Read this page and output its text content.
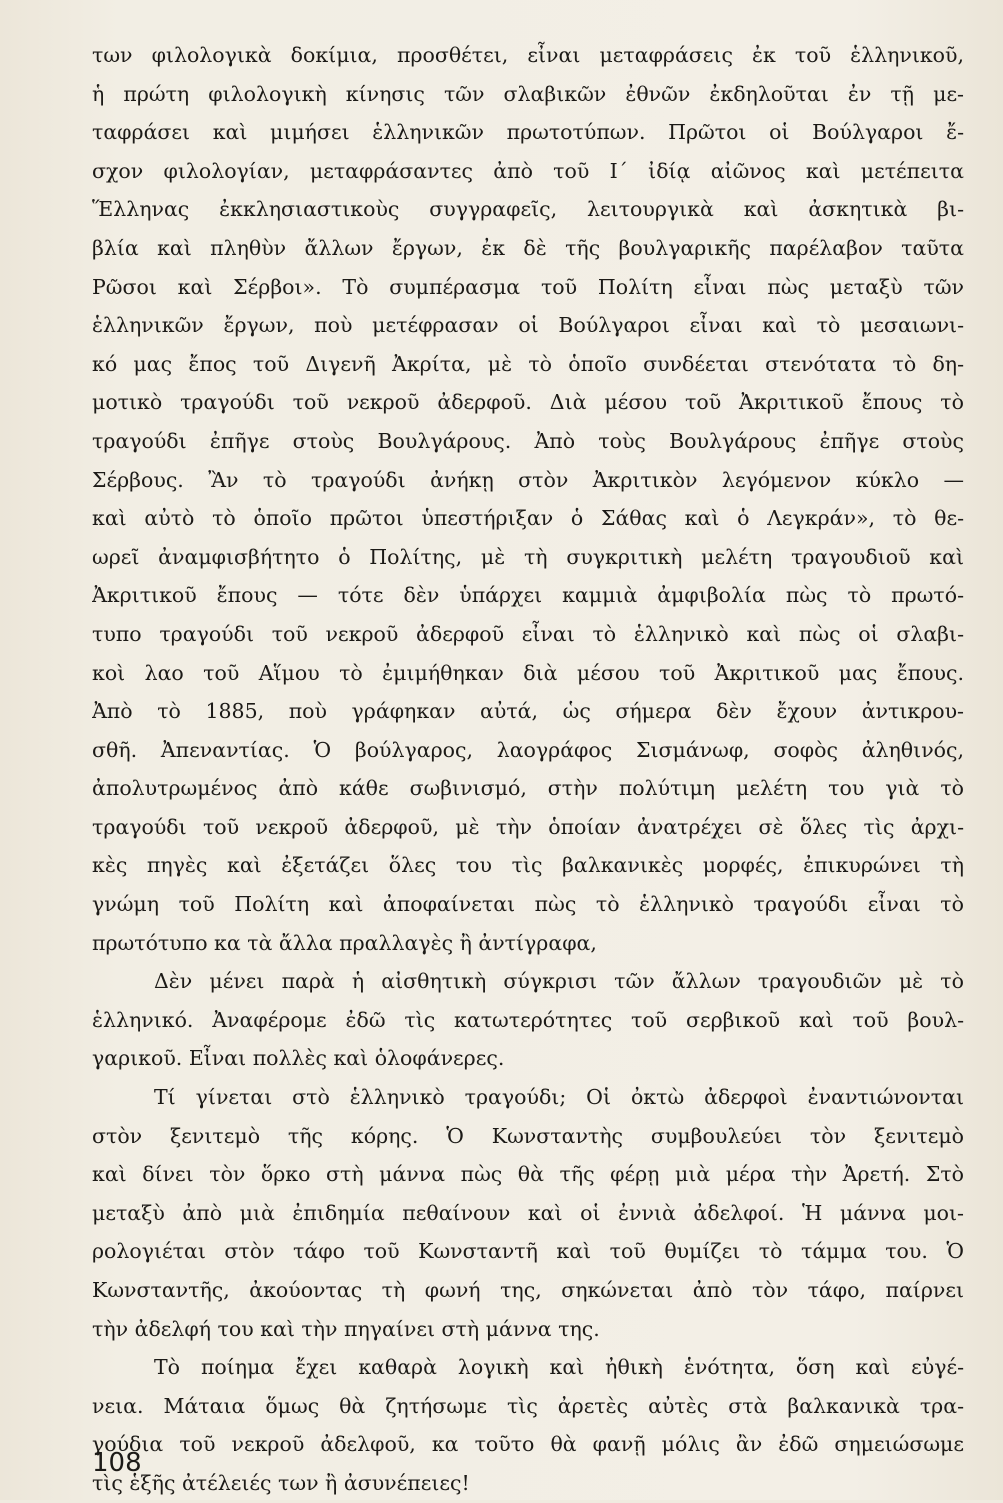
των φιλολογικὰ δοκίμια, προσθέτει, εἶναι μεταφράσεις ἐκ τοῦ ἑλληνικοῦ,
ἡ πρώτη φιλολογικὴ κίνησις τῶν σλαβικῶν ἐθνῶν ἐκδηλοῦται ἐν τῇ με-
ταφράσει καὶ μιμήσει ἑλληνικῶν πρωτοτύπων. Πρῶτοι οἱ Βούλγαροι ἔ-
σχον φιλολογίαν, μεταφράσαντες ἀπὸ τοῦ Ι΄ ἰδίᾳ αἰῶνος καὶ μετέπειτα
Ἕλληνας ἐκκλησιαστικοὺς συγγραφεῖς, λειτουργικὰ καὶ ἀσκητικὰ βι-
βλία καὶ πληθὺν ἄλλων ἔργων, ἐκ δὲ τῆς βουλγαρικῆς παρέλαβον ταῦτα
Ρῶσοι καὶ Σέρβοι». Τὸ συμπέρασμα τοῦ Πολίτη εἶναι πὼς μεταξὺ τῶν
ἑλληνικῶν ἔργων, ποὺ μετέφρασαν οἱ Βούλγαροι εἶναι καὶ τὸ μεσαιωνι-
κό μας ἔπος τοῦ Διγενῆ Ἀκρίτα, μὲ τὸ ὁποῖο συνδέεται στενότατα τὸ δη-
μοτικὸ τραγούδι τοῦ νεκροῦ ἀδερφοῦ. Διὰ μέσου τοῦ Ἀκριτικοῦ ἔπους τὸ
τραγούδι ἐπῆγε στοὺς Βουλγάρους. Ἀπὸ τοὺς Βουλγάρους ἐπῆγε στοὺς
Σέρβους. Ἂν τὸ τραγούδι ἀνήκῃ στὸν Ἀκριτικὸν λεγόμενον κύκλο —
καὶ αὐτὸ τὸ ὁποῖο πρῶτοι ὑπεστήριξαν ὁ Σάθας καὶ ὁ Λεγκράν», τὸ θε-
ωρεῖ ἀναμφισβήτητο ὁ Πολίτης, μὲ τὴ συγκριτικὴ μελέτη τραγουδιοῦ καὶ
Ἀκριτικοῦ ἔπους — τότε δὲν ὑπάρχει καμμιὰ ἀμφιβολία πὼς τὸ πρωτό-
τυπο τραγούδι τοῦ νεκροῦ ἀδερφοῦ εἶναι τὸ ἑλληνικὸ καὶ πὼς οἱ σλαβι-
κοὶ λαο τοῦ Αἵμου τὸ ἐμιμήθηκαν διὰ μέσου τοῦ Ἀκριτικοῦ μας ἔπους.
Ἀπὸ τὸ 1885, ποὺ γράφηκαν αὐτά, ὡς σήμερα δὲν ἔχουν ἀντικρου-
σθῆ. Ἀπεναντίας. Ὁ βούλγαρος, λαογράφος Σισμάνωφ, σοφὸς ἀληθινός,
ἀπολυτρωμένος ἀπὸ κάθε σωβινισμό, στὴν πολύτιμη μελέτη του γιὰ τὸ
τραγούδι τοῦ νεκροῦ ἀδερφοῦ, μὲ τὴν ὁποίαν ἀνατρέχει σὲ ὅλες τὶς ἀρχι-
κὲς πηγὲς καὶ ἐξετάζει ὅλες του τὶς βαλκανικὲς μορφές, ἐπικυρώνει τὴ
γνώμη τοῦ Πολίτη καὶ ἀποφαίνεται πὼς τὸ ἑλληνικὸ τραγούδι εἶναι τὸ
πρωτότυπο κα τὰ ἄλλα πραλλαγὲς ἢ ἀντίγραφα,
Δὲν μένει παρὰ ἡ αἰσθητικὴ σύγκρισι τῶν ἄλλων τραγουδιῶν μὲ τὸ
ἑλληνικό. Ἀναφέρομε ἐδῶ τὶς κατωτερότητες τοῦ σερβικοῦ καὶ τοῦ βουλ-
γαρικοῦ. Εἶναι πολλὲς καὶ ὁλοφάνερες.
Τί γίνεται στὸ ἑλληνικὸ τραγούδι; Οἱ ὀκτὼ ἀδερφοὶ ἐναντιώνονται
στὸν ξενιτεμὸ τῆς κόρης. Ὁ Κωνσταντὴς συμβουλεύει τὸν ξενιτεμὸ
καὶ δίνει τὸν ὅρκο στὴ μάννα πὼς θὰ τῆς φέρῃ μιὰ μέρα τὴν Ἀρετή. Στὸ
μεταξὺ ἀπὸ μιὰ ἐπιδημία πεθαίνουν καὶ οἱ ἐννιὰ ἀδελφοί. Ἡ μάννα μοι-
ρολογιέται στὸν τάφο τοῦ Κωνσταντῆ καὶ τοῦ θυμίζει τὸ τάμμα του. Ὁ
Κωνσταντῆς, ἀκούοντας τὴ φωνή της, σηκώνεται ἀπὸ τὸν τάφο, παίρνει
τὴν ἀδελφή του καὶ τὴν πηγαίνει στὴ μάννα της.
Τὸ ποίημα ἔχει καθαρὰ λογικὴ καὶ ἠθικὴ ἑνότητα, ὅση καὶ εὐγέ-
νεια. Μάταια ὅμως θὰ ζητήσωμε τὶς ἀρετὲς αὐτὲς στὰ βαλκανικὰ τρα-
γούδια τοῦ νεκροῦ ἀδελφοῦ, κα τοῦτο θὰ φανῇ μόλις ἂν ἐδῶ σημειώσωμε
τὶς ἑξῆς ἀτέλειές των ἢ ἀσυνέπειες!
108
